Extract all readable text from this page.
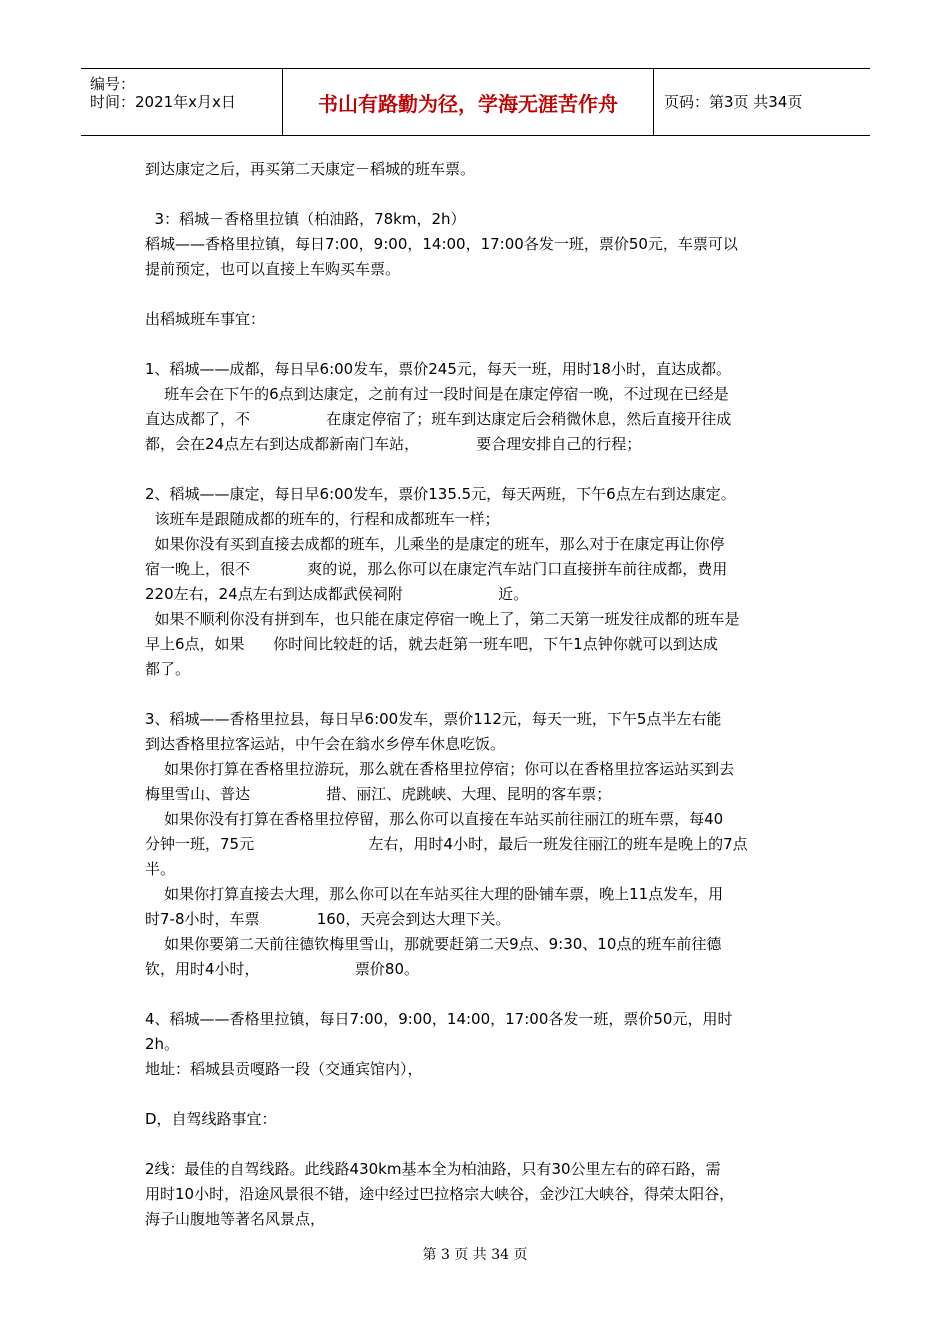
编号：
时间：2021年x月x日	书山有路勤为径，学海无涯苦作舟	页码：第3页 共34页
到达康定之后，再买第二天康定－稻城的班车票。
3：稻城－香格里拉镇（柏油路，78km，2h）
稻城——香格里拉镇，每日7:00，9:00，14:00，17:00各发一班，票价50元，车票可以
提前预定，也可以直接上车购买车票。
出稻城班车事宜：
1、稻城——成都，每日早6:00发车，票价245元，每天一班，用时18小时，直达成都。
班车会在下午的6点到达康定，之前有过一段时间是在康定停宿一晚，不过现在已经是
直达成都了，不                在康定停宿了；班车到达康定后会稍微休息，然后直接开往成
都，会在24点左右到达成都新南门车站，            要合理安排自己的行程；
2、稻城——康定，每日早6:00发车，票价135.5元，每天两班，下午6点左右到达康定。
该班车是跟随成都的班车的，行程和成都班车一样；
如果你没有买到直接去成都的班车，儿乘坐的是康定的班车，那么对于在康定再让你停
宿一晚上，很不            爽的说，那么你可以在康定汽车站门口直接拼车前往成都，费用
220左右，24点左右到达成都武侯祠附                    近。
如果不顺利你没有拼到车，也只能在康定停宿一晚上了，第二天第一班发往成都的班车是
早上6点，如果      你时间比较赶的话，就去赶第一班车吧，下午1点钟你就可以到达成
都了。
3、稻城——香格里拉县，每日早6:00发车，票价112元，每天一班，下午5点半左右能
到达香格里拉客运站，中午会在翁水乡停车休息吃饭。
如果你打算在香格里拉游玩，那么就在香格里拉停宿；你可以在香格里拉客运站买到去
梅里雪山、普达                措、丽江、虎跳峡、大理、昆明的客车票；
如果你没有打算在香格里拉停留，那么你可以直接在车站买前往丽江的班车票，每40
分钟一班，75元                        左右，用时4小时，最后一班发往丽江的班车是晚上的7点
半。
如果你打算直接去大理，那么你可以在车站买往大理的卧铺车票，晚上11点发车，用
时7-8小时，车票            160，天亮会到达大理下关。
如果你要第二天前往德钦梅里雪山，那就要赶第二天9点、9:30、10点的班车前往德
钦，用时4小时，                    票价80。
4、稻城——香格里拉镇，每日7:00，9:00，14:00，17:00各发一班，票价50元，用时
2h。
地址：稻城县贡嘎路一段（交通宾馆内），
D，自驾线路事宜：
2线：最佳的自驾线路。此线路430km基本全为柏油路，只有30公里左右的碎石路，需
用时10小时，沿途风景很不错，途中经过巴拉格宗大峡谷，金沙江大峡谷，得荣太阳谷，
海子山腹地等著名风景点，
第 3 页 共 34 页
